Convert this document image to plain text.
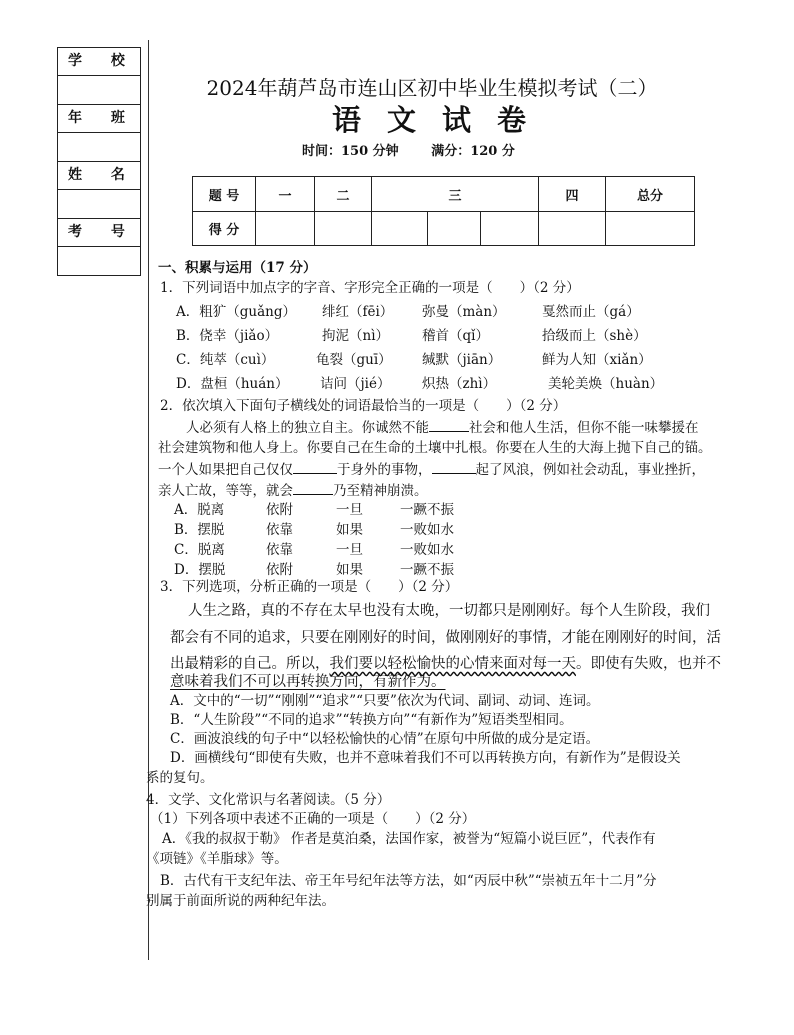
学 校
年 班
姓 名
考 号
2024年葫芦岛市连山区初中毕业生模拟考试（二）
语文试卷
时间：150 分钟	满分：120 分
题 号	一	二	三			四	总分
得 分							
一、积累与运用（17 分）
1．下列词语中加点字的字音、字形完全正确的一项是（　　）（2 分）
A．粗犷（guǎng） 绯红（fēi） 弥曼（màn）	戛然而止（gá）
B．侥幸（jiǎo）	拘泥（nì） 稽首（qǐ）	拾级而上（shè）
C．纯萃（cuì）	龟裂（guī） 缄默（jiān）	鲜为人知（xiǎn）
D．盘桓（huán） 诘问（jié） 炽热（zhì）	美轮美焕（huàn）
2．依次填入下面句子横线处的词语最恰当的一项是（　　）（2 分）
人必须有人格上的独立自主。你诚然不能	社会和他人生活，但你不能一味攀援在
社会建筑物和他人身上。你要自己在生命的土壤中扎根。你要在人生的大海上抛下自己的锚。
一个人如果把自己仅仅	于身外的事物，	起了风浪，例如社会动乱，事业挫折，
亲人亡故，等等，就会	乃至精神崩溃。
A．脱离	依附	一旦	一蹶不振
B．摆脱	依靠	如果	一败如水
C．脱离	依靠	一旦	一败如水
D．摆脱	依附	如果	一蹶不振
3．下列选项，分析正确的一项是（　　）（2 分）
人生之路，真的不存在太早也没有太晚，一切都只是刚刚好。每个人生阶段，我们
都会有不同的追求，只要在刚刚好的时间，做刚刚好的事情，才能在刚刚好的时间，活
出最精彩的自己。所以，我们要以轻松愉快的心情来面对每一天。即使有失败，也并不
意味着我们不可以再转换方向，有新作为。
A．文中的“一切”“刚刚”“追求”“只要”依次为代词、副词、动词、连词。
B．“人生阶段”“不同的追求”“转换方向”“有新作为”短语类型相同。
C．画波浪线的句子中“以轻松愉快的心情”在原句中所做的成分是定语。
D．画横线句“即使有失败，也并不意味着我们不可以再转换方向，有新作为”是假设关
系的复句。
4．文学、文化常识与名著阅读。（5 分）
（1）下列各项中表述不正确的一项是（　　）（2 分）
A．《我的叔叔于勒》 作者是莫泊桑，法国作家，被誉为“短篇小说巨匠”，代表作有
《项链》《羊脂球》等。
B．古代有干支纪年法、帝王年号纪年法等方法，如“丙辰中秋”“崇祯五年十二月”分
别属于前面所说的两种纪年法。
